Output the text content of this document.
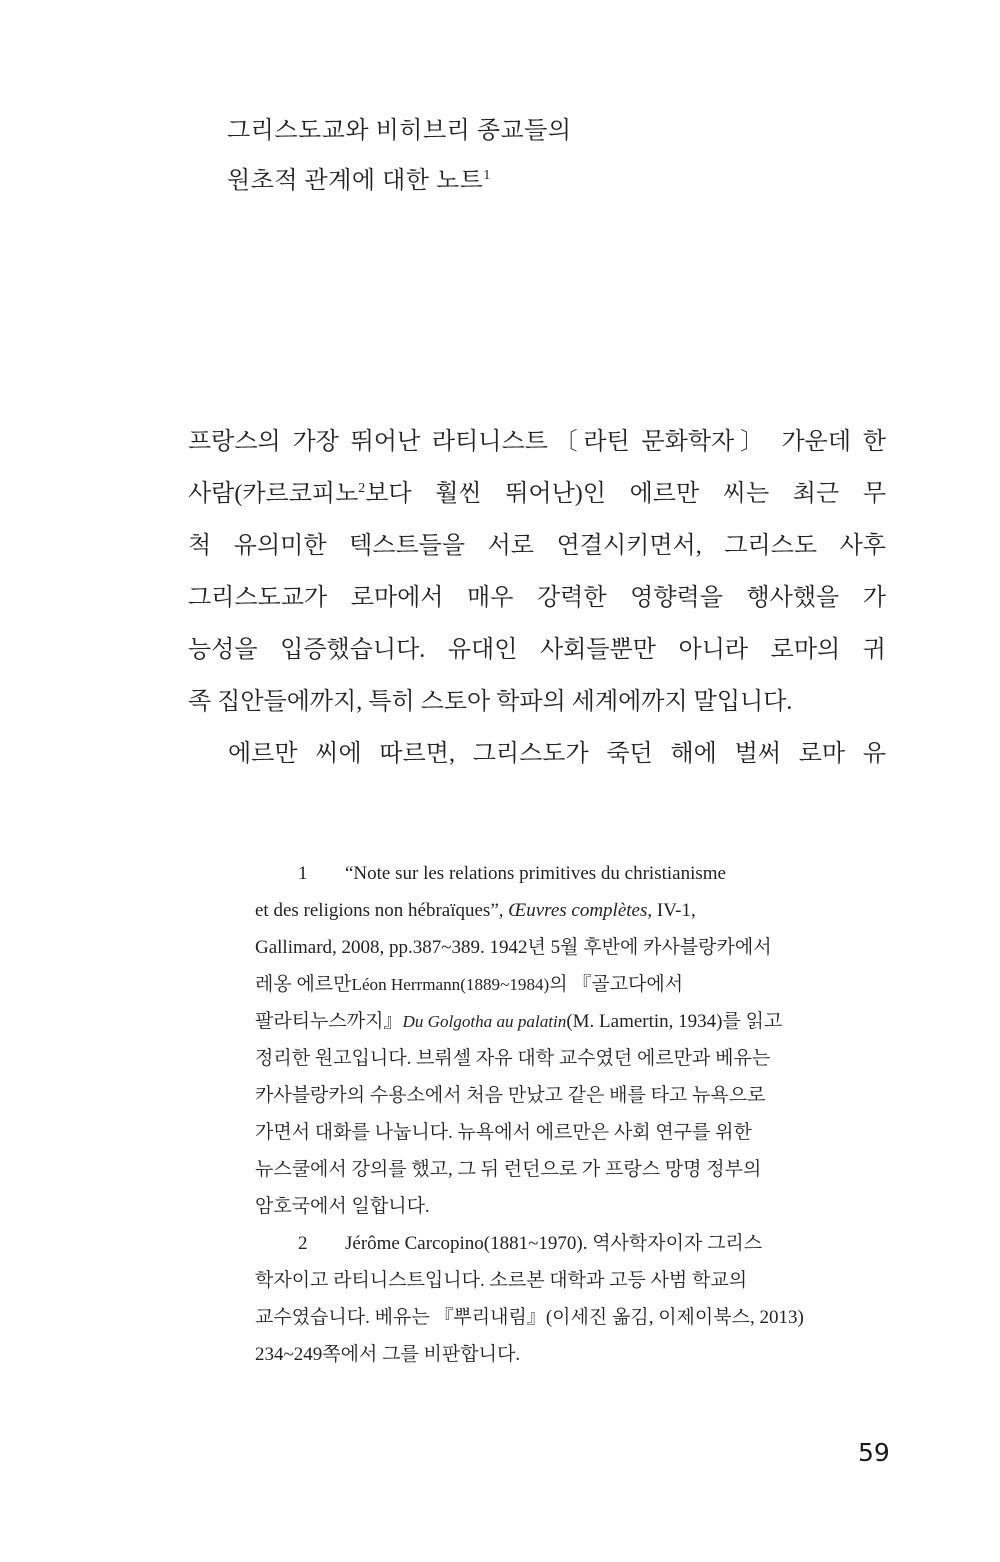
그리스도교와 비히브리 종교들의
원초적 관계에 대한 노트$^1$
프랑스의 가장 뛰어난 라티니스트〔라틴 문화학자〕 가운데 한
사람(카르코피노$^2$보다 훨씬 뛰어난)인 에르만 씨는 최근 무
척 유의미한 텍스트들을 서로 연결시키면서, 그리스도 사후
그리스도교가 로마에서 매우 강력한 영향력을 행사했을 가
능성을 입증했습니다. 유대인 사회들뿐만 아니라 로마의 귀
족 집안들에까지, 특히 스토아 학파의 세계에까지 말입니다.
에르만 씨에 따르면, 그리스도가 죽던 해에 벌써 로마 유
1 “Note sur les relations primitives du christianisme
et des religions non hébraïques”, Œuvres complètes, IV-1,
Gallimard, 2008, pp.387~389. 1942년 5월 후반에 카사블랑카에서
레옹 에르만Léon Herrmann(1889~1984)의 『골고다에서
팔라티누스까지』Du Golgotha au palatin(M. Lamertin, 1934)를 읽고
정리한 원고입니다. 브뤼셀 자유 대학 교수였던 에르만과 베유는
카사블랑카의 수용소에서 처음 만났고 같은 배를 타고 뉴욕으로
가면서 대화를 나눕니다. 뉴욕에서 에르만은 사회 연구를 위한
뉴스쿨에서 강의를 했고, 그 뒤 런던으로 가 프랑스 망명 정부의
암호국에서 일합니다.
2 Jérôme Carcopino(1881~1970). 역사학자이자 그리스
학자이고 라티니스트입니다. 소르본 대학과 고등 사범 학교의
교수였습니다. 베유는 『뿌리내림』(이세진 옮김, 이제이북스, 2013)
234~249쪽에서 그를 비판합니다.
59
